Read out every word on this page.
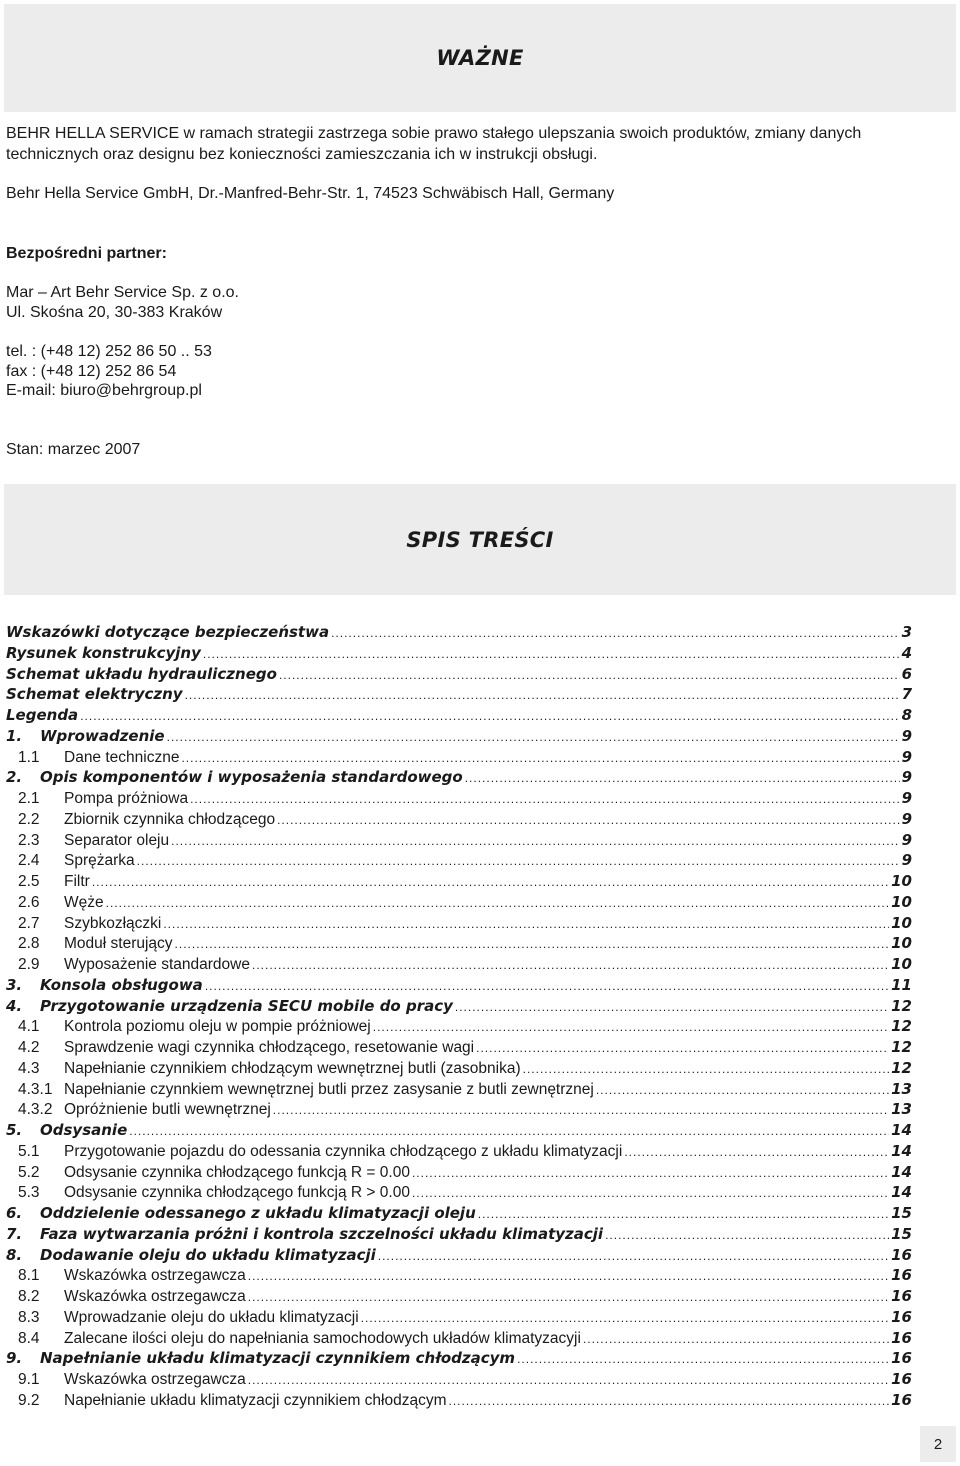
WAŻNE
BEHR HELLA SERVICE w ramach strategii zastrzega sobie prawo stałego ulepszania swoich produktów, zmiany danych
technicznych oraz designu bez konieczności zamieszczania ich w instrukcji obsługi.
Behr Hella Service GmbH, Dr.-Manfred-Behr-Str. 1, 74523 Schwäbisch Hall, Germany
Bezpośredni partner:
Mar – Art Behr Service Sp. z o.o.
Ul. Skośna 20, 30-383 Kraków
tel. : (+48 12) 252 86 50 .. 53
fax : (+48 12) 252 86 54
E-mail: biuro@behrgroup.pl
Stan: marzec 2007
SPIS TREŚCI
Wskazówki dotyczące bezpieczeństwa .....	3
Rysunek konstrukcyjny .....	4
Schemat układu hydraulicznego .....	6
Schemat elektryczny .....	7
Legenda .....	8
1.	Wprowadzenie .....	9
1.1	Dane techniczne .....	9
2.	Opis komponentów i wyposażenia standardowego .....	9
2.1	Pompa próżniowa .....	9
2.2	Zbiornik czynnika chłodzącego .....	9
2.3	Separator oleju .....	9
2.4	Sprężarka .....	9
2.5	Filtr .....	10
2.6	Węże .....	10
2.7	Szybkozłączki .....	10
2.8	Moduł sterujący .....	10
2.9	Wyposażenie standardowe .....	10
3.	Konsola obsługowa .....	11
4.	Przygotowanie urządzenia SECU mobile do pracy .....	12
4.1	Kontrola poziomu oleju w pompie próżniowej .....	12
4.2	Sprawdzenie wagi czynnika chłodzącego, resetowanie wagi .....	12
4.3	Napełnianie czynnikiem chłodzącym wewnętrznej butli (zasobnika) .....	12
4.3.1 Napełnianie czynnkiem wewnętrznej butli przez zasysanie z butli zewnętrznej .....	13
4.3.2 Opróżnienie butli wewnętrznej .....	13
5.	Odsysanie .....	14
5.1	Przygotowanie pojazdu do odessania czynnika chłodzącego z układu klimatyzacji .....	14
5.2	Odsysanie czynnika chłodzącego funkcją R = 0.00 .....	14
5.3	Odsysanie czynnika chłodzącego funkcją R > 0.00 .....	14
6.	Oddzielenie odessanego z układu klimatyzacji oleju .....	15
7.	Faza wytwarzania próżni i kontrola szczelności układu klimatyzacji .....	15
8.	Dodawanie oleju do układu klimatyzacji .....	16
8.1	Wskazówka ostrzegawcza .....	16
8.2	Wskazówka ostrzegawcza .....	16
8.3	Wprowadzanie oleju do układu klimatyzacji .....	16
8.4	Zalecane ilości oleju do napełniania samochodowych układów klimatyzacyji .....	16
9.	Napełnianie układu klimatyzacji czynnikiem chłodzącym .....	16
9.1	Wskazówka ostrzegawcza .....	16
9.2	Napełnianie układu klimatyzacji czynnikiem chłodzącym .....	16
2
